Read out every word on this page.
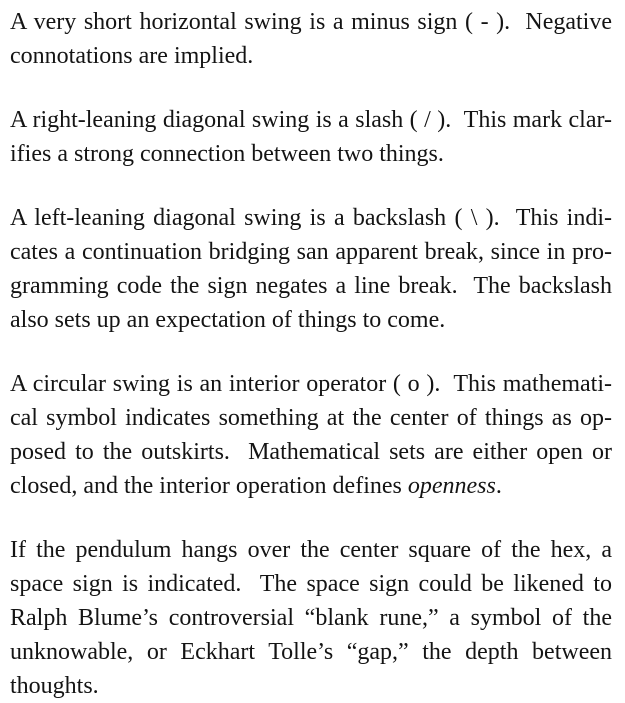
A very short horizontal swing is a minus sign ( - ).  Negative
connotations are implied.

A right-leaning diagonal swing is a slash ( / ).  This mark clar-
ifies a strong connection between two things.

A left-leaning diagonal swing is a backslash ( \ ).  This indi-
cates a continuation bridging san apparent break, since in pro-
gramming code the sign negates a line break.  The backslash
also sets up an expectation of things to come.

A circular swing is an interior operator ( o ).  This mathemati-
cal symbol indicates something at the center of things as op-
posed to the outskirts.  Mathematical sets are either open or
closed, and the interior operation defines openness.

If the pendulum hangs over the center square of the hex, a
space sign is indicated.  The space sign could be likened to
Ralph Blume’s controversial “blank rune,” a symbol of the
unknowable, or Eckhart Tolle’s “gap,” the depth between
thoughts.
